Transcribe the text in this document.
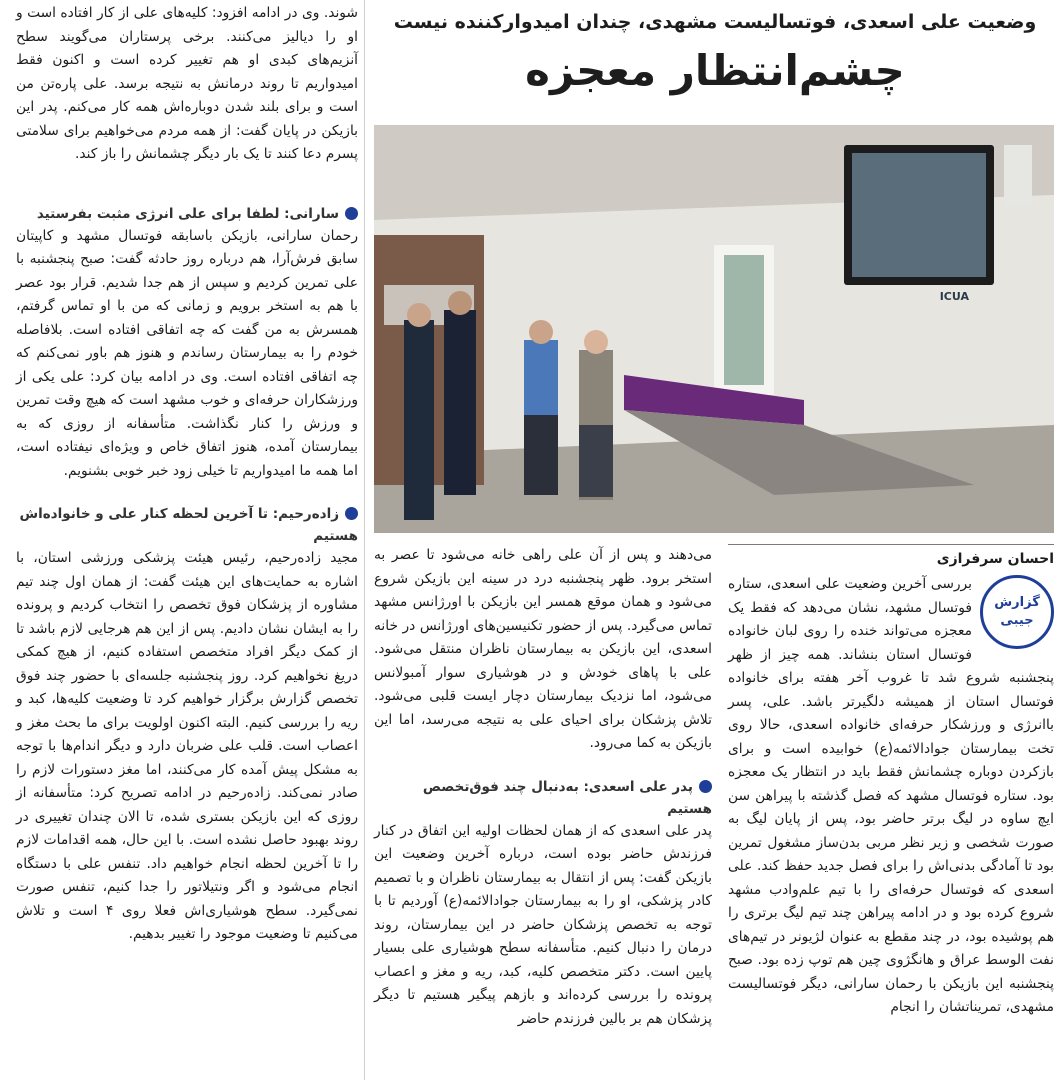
شوند. وی در ادامه افزود: کلیه‌های علی از کار افتاده است و او را دیالیز می‌کنند. برخی پرستاران می‌گویند سطح آنزیم‌های کبدی او هم تغییر کرده است و اکنون فقط امیدواریم تا روند درمانش به نتیجه برسد. علی پاره‌تن من است و برای بلند شدن دوباره‌اش همه کار می‌کنم. پدر این بازیکن در پایان گفت: از همه مردم می‌خواهیم برای سلامتی پسرم دعا کنند تا یک بار دیگر چشمانش را باز کند.

سارانی: لطفا برای علی انرژی مثبت بفرستید

رحمان سارانی، بازیکن باسابقه فوتسال مشهد و کاپیتان سابق فرش‌آرا، هم درباره روز حادثه گفت: صبح پنجشنبه با علی تمرین کردیم و سپس از هم جدا شدیم. قرار بود عصر با هم به استخر برویم و زمانی که من با او تماس گرفتم، همسرش به من گفت که چه اتفاقی افتاده است. بلافاصله خودم را به بیمارستان رساندم و هنوز هم باور نمی‌کنم که چه اتفاقی افتاده است. وی در ادامه بیان کرد: علی یکی از ورزشکاران حرفه‌ای و خوب مشهد است که هیچ وقت تمرین و ورزش را کنار نگذاشت. متأسفانه از روزی که به بیمارستان آمده، هنوز اتفاق خاص و ویژه‌ای نیفتاده است، اما همه ما امیدواریم تا خیلی زود خبر خوبی بشنویم.

زاده‌رحیم: تا آخرین لحظه کنار علی و خانواده‌اش هستیم

مجید زاده‌رحیم، رئیس هیئت پزشکی ورزشی استان، با اشاره به حمایت‌های این هیئت گفت: از همان اول چند تیم مشاوره از پزشکان فوق تخصص را انتخاب کردیم و پرونده را به ایشان نشان دادیم. پس از این هم هرجایی لازم باشد تا از کمک دیگر افراد متخصص استفاده کنیم، از هیچ کمکی دریغ نخواهیم کرد. روز پنجشنبه جلسه‌ای با حضور چند فوق تخصص گزارش برگزار خواهیم کرد تا وضعیت کلیه‌ها، کبد و ریه را بررسی کنیم. البته اکنون اولویت برای ما بحث مغز و اعصاب است. قلب علی ضربان دارد و دیگر اندام‌ها با توجه به مشکل پیش آمده کار می‌کنند، اما مغز دستورات لازم را صادر نمی‌کند. زاده‌رحیم در ادامه تصریح کرد: متأسفانه از روزی که این بازیکن بستری شده، تا الان چندان تغییری در روند بهبود حاصل نشده است. با این حال، همه اقدامات لازم را تا آخرین لحظه انجام خواهیم داد. تنفس علی با دستگاه انجام می‌شود و اگر ونتیلاتور را جدا کنیم، تنفس صورت نمی‌گیرد. سطح هوشیاری‌اش فعلا روی ۴ است و تلاش می‌کنیم تا وضعیت موجود را تغییر بدهیم.

وضعیت علی اسعدی، فوتسالیست مشهدی، چندان امیدوارکننده نیست

چشم‌انتظار معجزه

ICUA

احسان سرفرازی

گزارش جیبی

بررسی آخرین وضعیت علی اسعدی، ستاره فوتسال مشهد، نشان می‌دهد که فقط یک معجزه می‌تواند خنده را روی لبان خانواده فوتسال استان بنشاند. همه چیز از ظهر پنجشنبه شروع شد تا غروب آخر هفته برای خانواده فوتسال استان از همیشه دلگیرتر باشد. علی، پسر باانرژی و ورزشکار حرفه‌ای خانواده اسعدی، حالا روی تخت بیمارستان جوادالائمه(ع) خوابیده است و برای بازکردن دوباره چشمانش فقط باید در انتظار یک معجزه بود. ستاره فوتسال مشهد که فصل گذشته با پیراهن سن ایچ ساوه در لیگ برتر حاضر بود، پس از پایان لیگ به صورت شخصی و زیر نظر مربی بدن‌ساز مشغول تمرین بود تا آمادگی بدنی‌اش را برای فصل جدید حفظ کند. علی اسعدی که فوتسال حرفه‌ای را با تیم علم‌وادب مشهد شروع کرده بود و در ادامه پیراهن چند تیم لیگ برتری را هم پوشیده بود، در چند مقطع به عنوان لژیونر در تیم‌های نفت الوسط عراق و هانگژوی چین هم توپ زده بود. صبح پنجشنبه این بازیکن با رحمان سارانی، دیگر فوتسالیست مشهدی، تمریناتشان را انجام

می‌دهند و پس از آن علی راهی خانه می‌شود تا عصر به استخر برود. ظهر پنجشنبه درد در سینه این بازیکن شروع می‌شود و همان موقع همسر این بازیکن با اورژانس مشهد تماس می‌گیرد. پس از حضور تکنیسین‌های اورژانس در خانه اسعدی، این بازیکن به بیمارستان ناظران منتقل می‌شود. علی با پاهای خودش و در هوشیاری سوار آمبولانس می‌شود، اما نزدیک بیمارستان دچار ایست قلبی می‌شود. تلاش پزشکان برای احیای علی به نتیجه می‌رسد، اما این بازیکن به کما می‌رود.

پدر علی اسعدی: به‌دنبال چند فوق‌تخصص هستیم

پدر علی اسعدی که از همان لحظات اولیه این اتفاق در کنار فرزندش حاضر بوده است، درباره آخرین وضعیت این بازیکن گفت: پس از انتقال به بیمارستان ناظران و با تصمیم کادر پزشکی، او را به بیمارستان جوادالائمه(ع) آوردیم تا با توجه به تخصص پزشکان حاضر در این بیمارستان، روند درمان را دنبال کنیم. متأسفانه سطح هوشیاری علی بسیار پایین است. دکتر متخصص کلیه، کبد، ریه و مغز و اعصاب پرونده را بررسی کرده‌اند و بازهم پیگیر هستیم تا دیگر پزشکان هم بر بالین فرزندم حاضر
